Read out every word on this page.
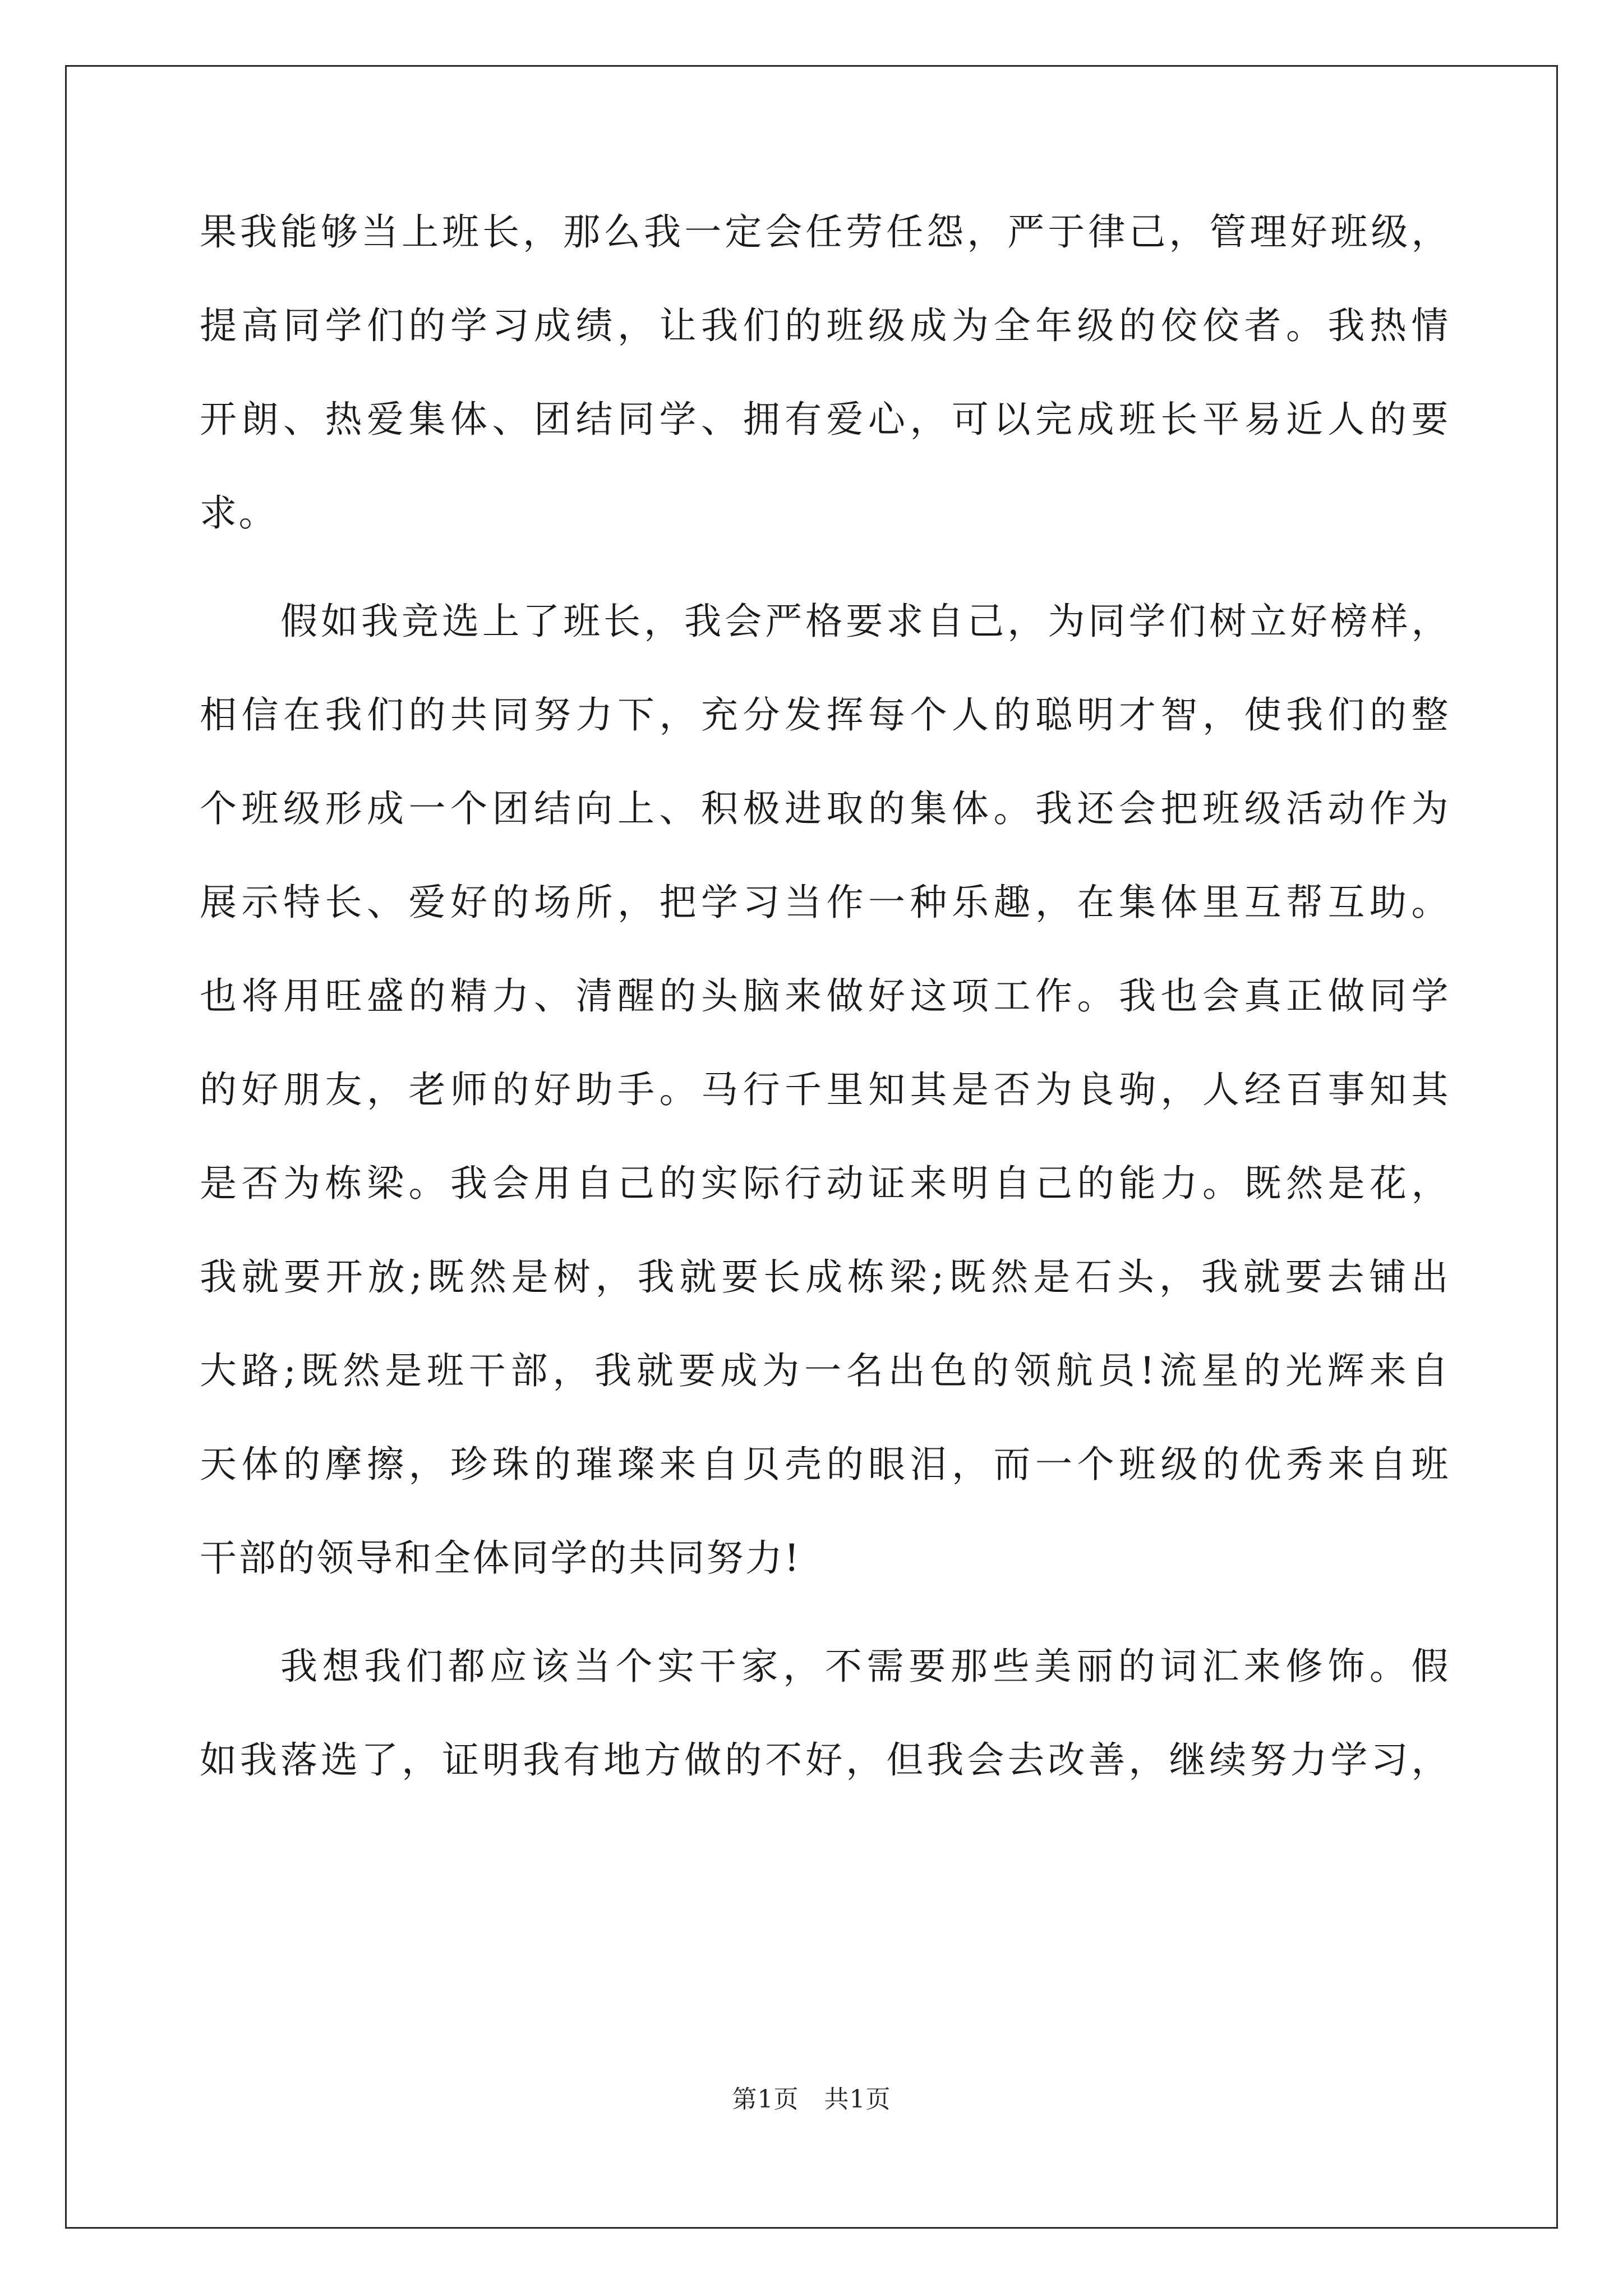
果我能够当上班长，那么我一定会任劳任怨，严于律己，管理好班级，
提高同学们的学习成绩，让我们的班级成为全年级的佼佼者。我热情
开朗、热爱集体、团结同学、拥有爱心，可以完成班长平易近人的要
求。
假如我竞选上了班长，我会严格要求自己，为同学们树立好榜样，
相信在我们的共同努力下，充分发挥每个人的聪明才智，使我们的整
个班级形成一个团结向上、积极进取的集体。我还会把班级活动作为
展示特长、爱好的场所，把学习当作一种乐趣，在集体里互帮互助。
也将用旺盛的精力、清醒的头脑来做好这项工作。我也会真正做同学
的好朋友，老师的好助手。马行千里知其是否为良驹，人经百事知其
是否为栋梁。我会用自己的实际行动证来明自己的能力。既然是花，
我就要开放;既然是树，我就要长成栋梁;既然是石头，我就要去铺出
大路;既然是班干部，我就要成为一名出色的领航员!流星的光辉来自
天体的摩擦，珍珠的璀璨来自贝壳的眼泪，而一个班级的优秀来自班
干部的领导和全体同学的共同努力!
我想我们都应该当个实干家，不需要那些美丽的词汇来修饰。假
如我落选了，证明我有地方做的不好，但我会去改善，继续努力学习，
第1页　共1页
